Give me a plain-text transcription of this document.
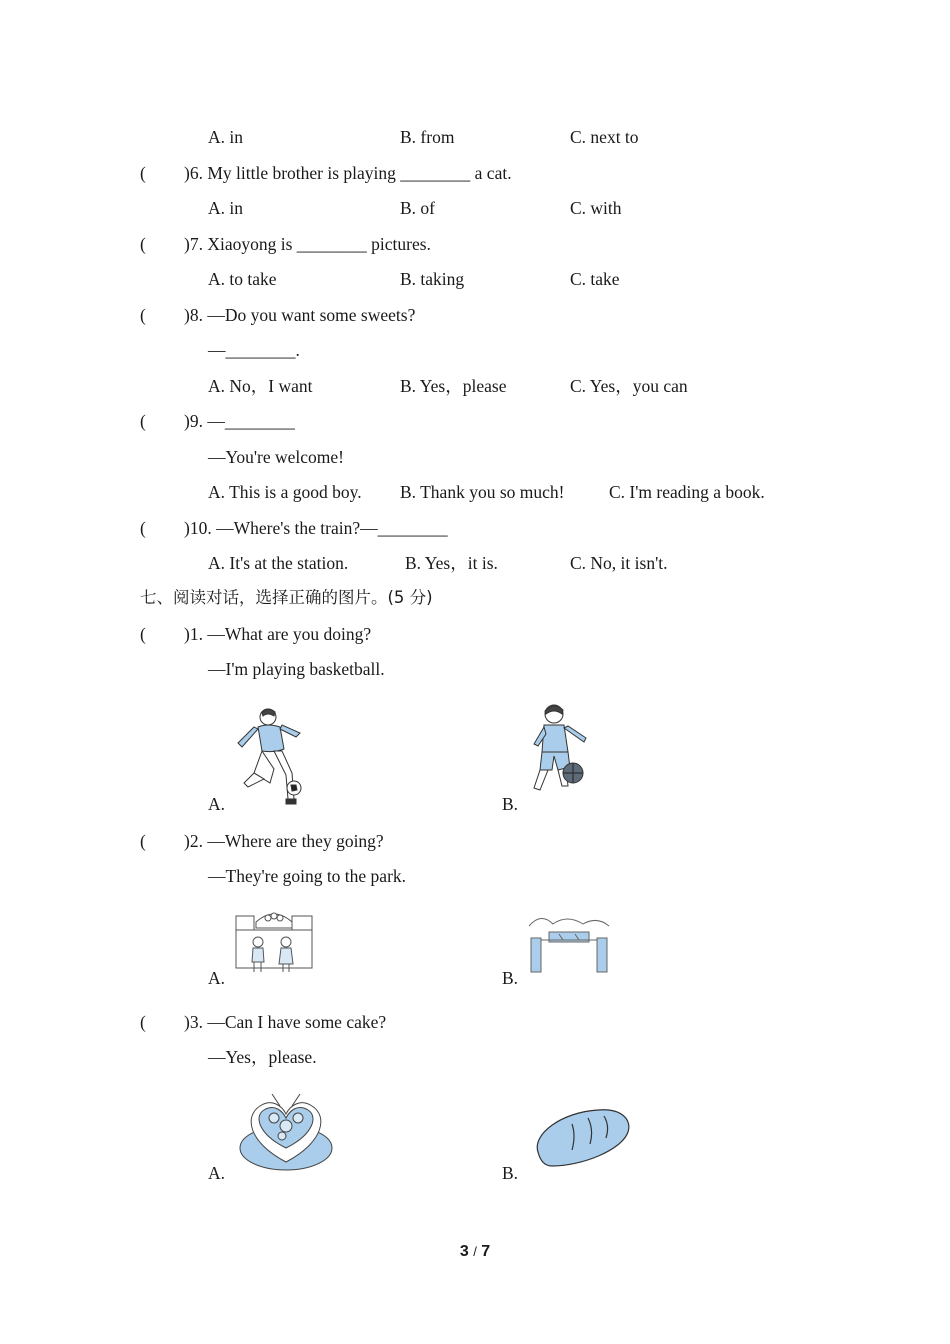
A. in	B. from	C. next to
( )6. My little brother is playing ________ a cat.
A. in	B. of	C. with
( )7. Xiaoyong is ________ pictures.
A. to take	B. taking	C. take
( )8. —Do you want some sweets?
—________.
A. No，I want	B. Yes，please	C. Yes，you can
( )9. —________
—You're welcome!
A. This is a good boy. B. Thank you so much!	C. I'm reading a book.
( )10. —Where's the train?—________
A. It's at the station.	B. Yes，it is.	C. No, it isn't.
七、阅读对话，选择正确的图片。(5 分)
( )1. —What are you doing?
—I'm playing basketball.
A.	B.
( )2. —Where are they going?
—They're going to the park.
A.	B.
( )3. —Can I have some cake?
—Yes，please.
A.	B.
3 / 7
